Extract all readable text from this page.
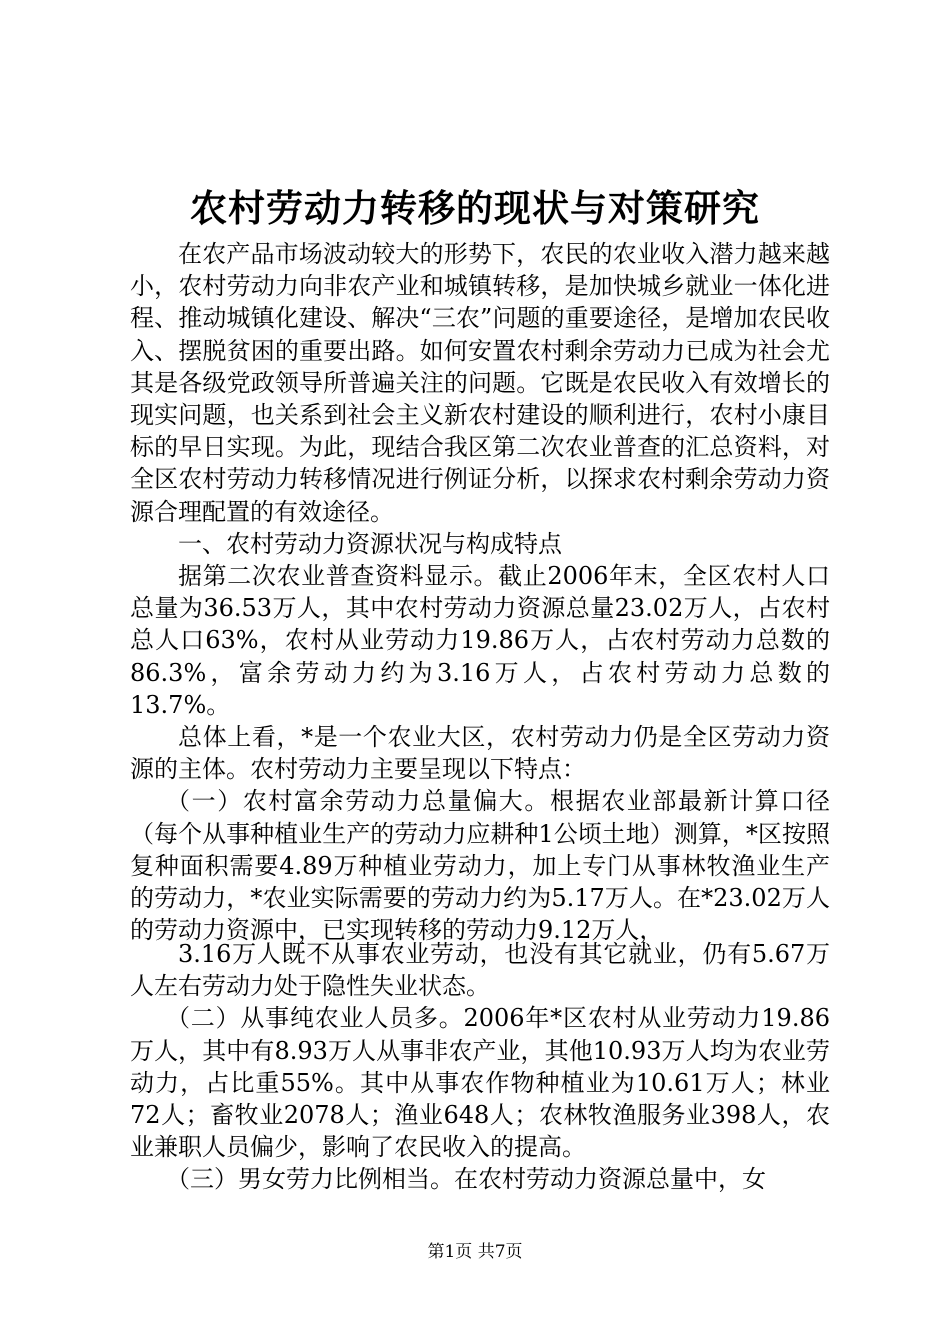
农村劳动力转移的现状与对策研究

在农产品市场波动较大的形势下，农民的农业收入潜力越来越小，农村劳动力向非农产业和城镇转移，是加快城乡就业一体化进程、推动城镇化建设、解决“三农”问题的重要途径，是增加农民收入、摆脱贫困的重要出路。如何安置农村剩余劳动力已成为社会尤其是各级党政领导所普遍关注的问题。它既是农民收入有效增长的现实问题，也关系到社会主义新农村建设的顺利进行，农村小康目标的早日实现。为此，现结合我区第二次农业普查的汇总资料，对全区农村劳动力转移情况进行例证分析，以探求农村剩余劳动力资源合理配置的有效途径。

一、农村劳动力资源状况与构成特点

据第二次农业普查资料显示。截止2006年末，全区农村人口总量为36.53万人，其中农村劳动力资源总量23.02万人，占农村总人口63%，农村从业劳动力19.86万人，占农村劳动力总数的86.3%，富余劳动力约为3.16万人，占农村劳动力总数的13.7%。

总体上看，*是一个农业大区，农村劳动力仍是全区劳动力资源的主体。农村劳动力主要呈现以下特点：

（一）农村富余劳动力总量偏大。根据农业部最新计算口径（每个从事种植业生产的劳动力应耕种1公顷土地）测算，*区按照复种面积需要4.89万种植业劳动力，加上专门从事林牧渔业生产的劳动力，*农业实际需要的劳动力约为5.17万人。在*23.02万人的劳动力资源中，已实现转移的劳动力9.12万人，

3.16万人既不从事农业劳动，也没有其它就业，仍有5.67万人左右劳动力处于隐性失业状态。

（二）从事纯农业人员多。2006年*区农村从业劳动力19.86万人，其中有8.93万人从事非农产业，其他10.93万人均为农业劳动力，占比重55%。其中从事农作物种植业为10.61万人；林业72人；畜牧业2078人；渔业648人；农林牧渔服务业398人，农业兼职人员偏少，影响了农民收入的提高。

（三）男女劳力比例相当。在农村劳动力资源总量中，女

第1页 共7页
